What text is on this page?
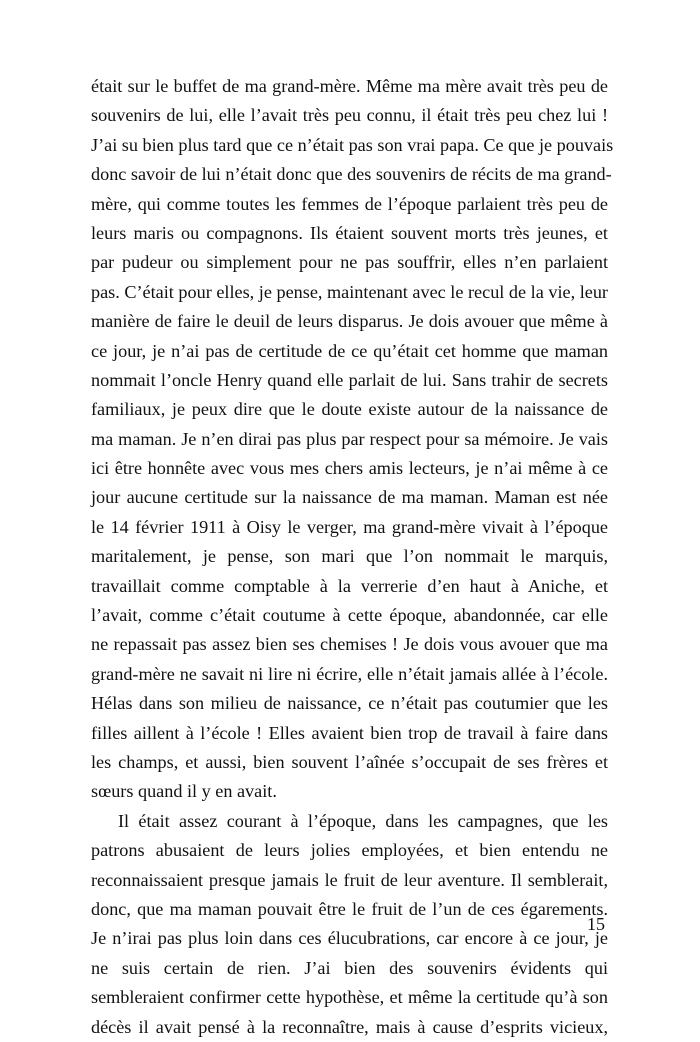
était sur le buffet de ma grand-mère. Même ma mère avait très peu de
souvenirs de lui, elle l’avait très peu connu, il était très peu chez lui !
J’ai su bien plus tard que ce n’était pas son vrai papa. Ce que je pouvais
donc savoir de lui n’était donc que des souvenirs de récits de ma grand-
mère, qui comme toutes les femmes de l’époque parlaient très peu de
leurs maris ou compagnons. Ils étaient souvent morts très jeunes, et
par pudeur ou simplement pour ne pas souffrir, elles n’en parlaient
pas. C’était pour elles, je pense, maintenant avec le recul de la vie, leur
manière de faire le deuil de leurs disparus. Je dois avouer que même à
ce jour, je n’ai pas de certitude de ce qu’était cet homme que maman
nommait l’oncle Henry quand elle parlait de lui. Sans trahir de secrets
familiaux, je peux dire que le doute existe autour de la naissance de
ma maman. Je n’en dirai pas plus par respect pour sa mémoire. Je vais
ici être honnête avec vous mes chers amis lecteurs, je n’ai même à ce
jour aucune certitude sur la naissance de ma maman. Maman est née
le 14 février 1911 à Oisy le verger, ma grand-mère vivait à l’époque
maritalement, je pense, son mari que l’on nommait le marquis,
travaillait comme comptable à la verrerie d’en haut à Aniche, et
l’avait, comme c’était coutume à cette époque, abandonnée, car elle
ne repassait pas assez bien ses chemises ! Je dois vous avouer que ma
grand-mère ne savait ni lire ni écrire, elle n’était jamais allée à l’école.
Hélas dans son milieu de naissance, ce n’était pas coutumier que les
filles aillent à l’école ! Elles avaient bien trop de travail à faire dans
les champs, et aussi, bien souvent l’aînée s’occupait de ses frères et
sœurs quand il y en avait.
Il était assez courant à l’époque, dans les campagnes, que les
patrons abusaient de leurs jolies employées, et bien entendu ne
reconnaissaient presque jamais le fruit de leur aventure. Il semblerait,
donc, que ma maman pouvait être le fruit de l’un de ces égarements.
Je n’irai pas plus loin dans ces élucubrations, car encore à ce jour, je
ne suis certain de rien. J’ai bien des souvenirs évidents qui
sembleraient confirmer cette hypothèse, et même la certitude qu’à son
décès il avait pensé à la reconnaître, mais à cause d’esprits vicieux,
15
